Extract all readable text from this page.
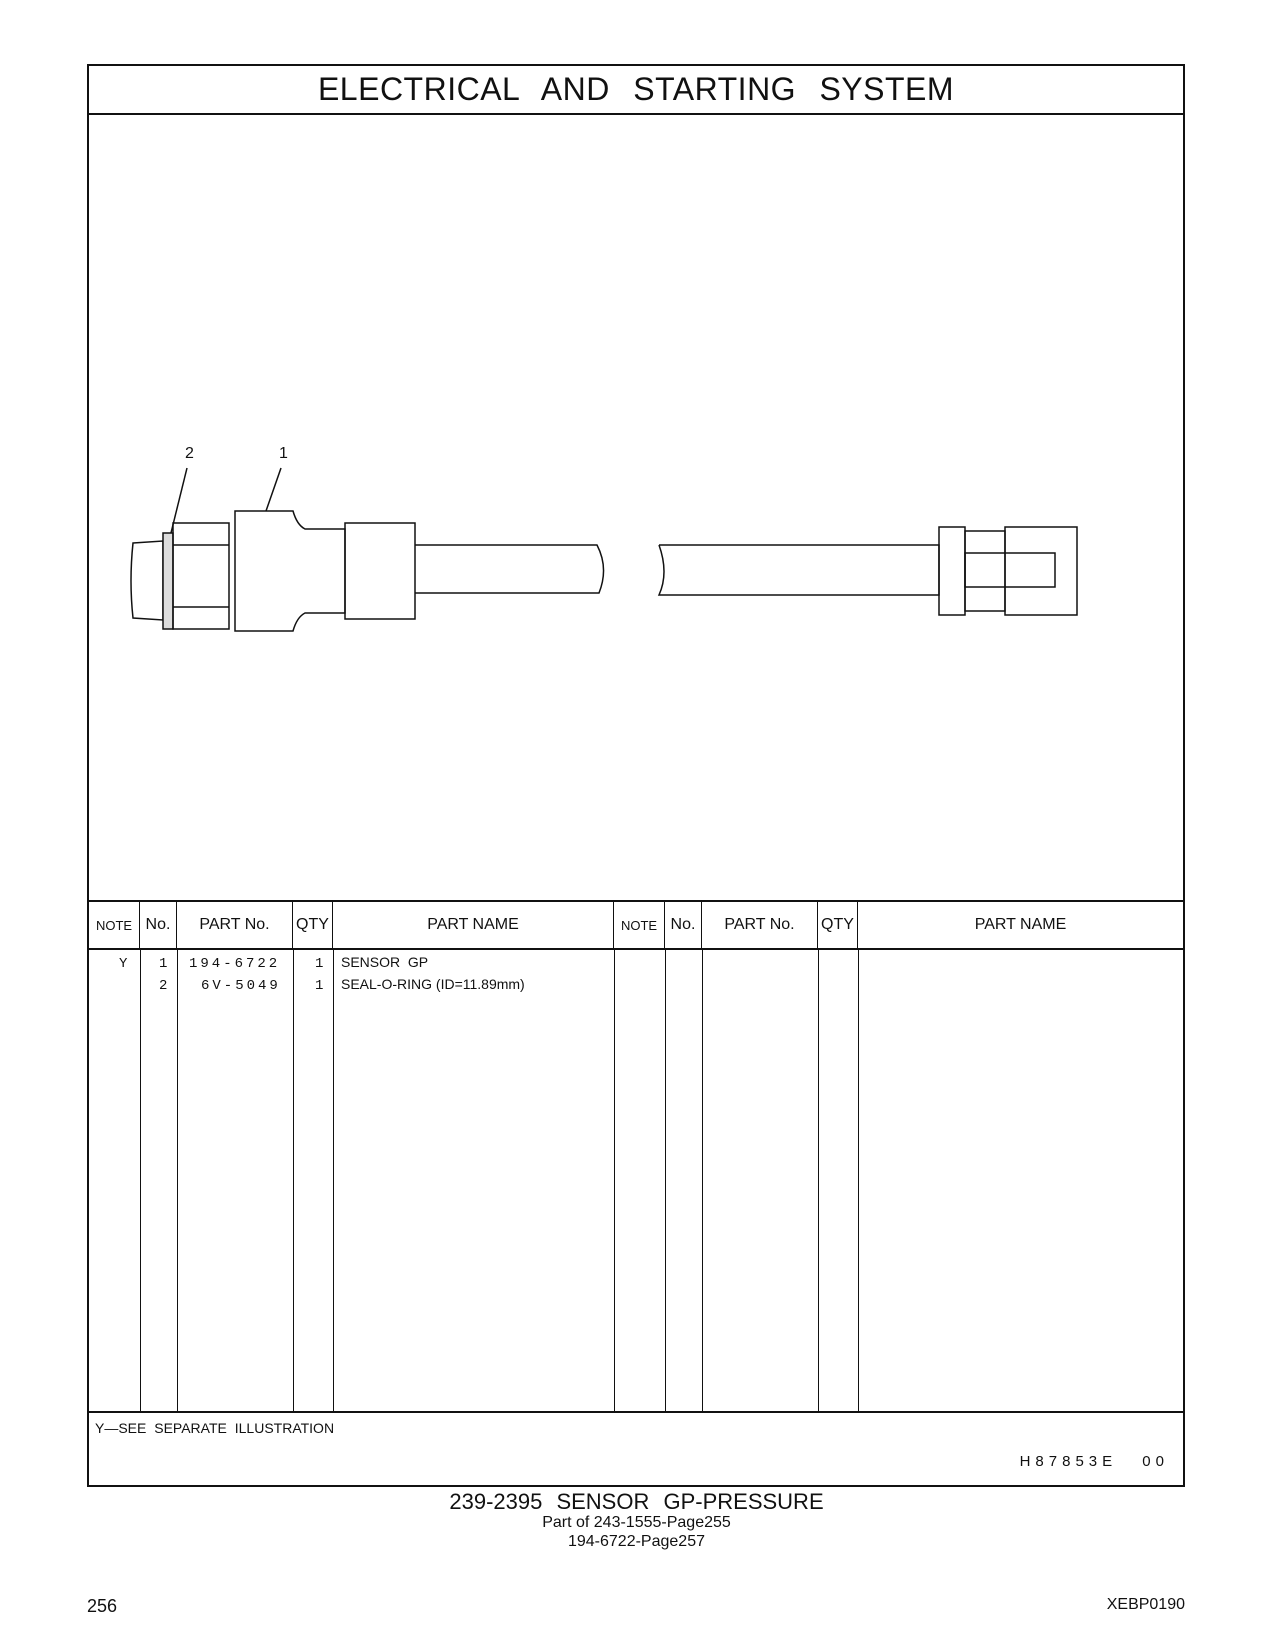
ELECTRICAL AND STARTING SYSTEM
2	1
NOTE No.	PART No.	QTY	PART NAME	NOTE No.	PART No.	QTY	PART NAME
Y 1 194-6722 1 SENSOR  GP
2 6V-5049 1 SEAL-O-RING (ID=11.89mm)
Y—SEE SEPARATE ILLUSTRATION
H87853E 00
239-2395 SENSOR GP-PRESSURE
Part of 243-1555-Page255
194-6722-Page257
256	XEBP0190
